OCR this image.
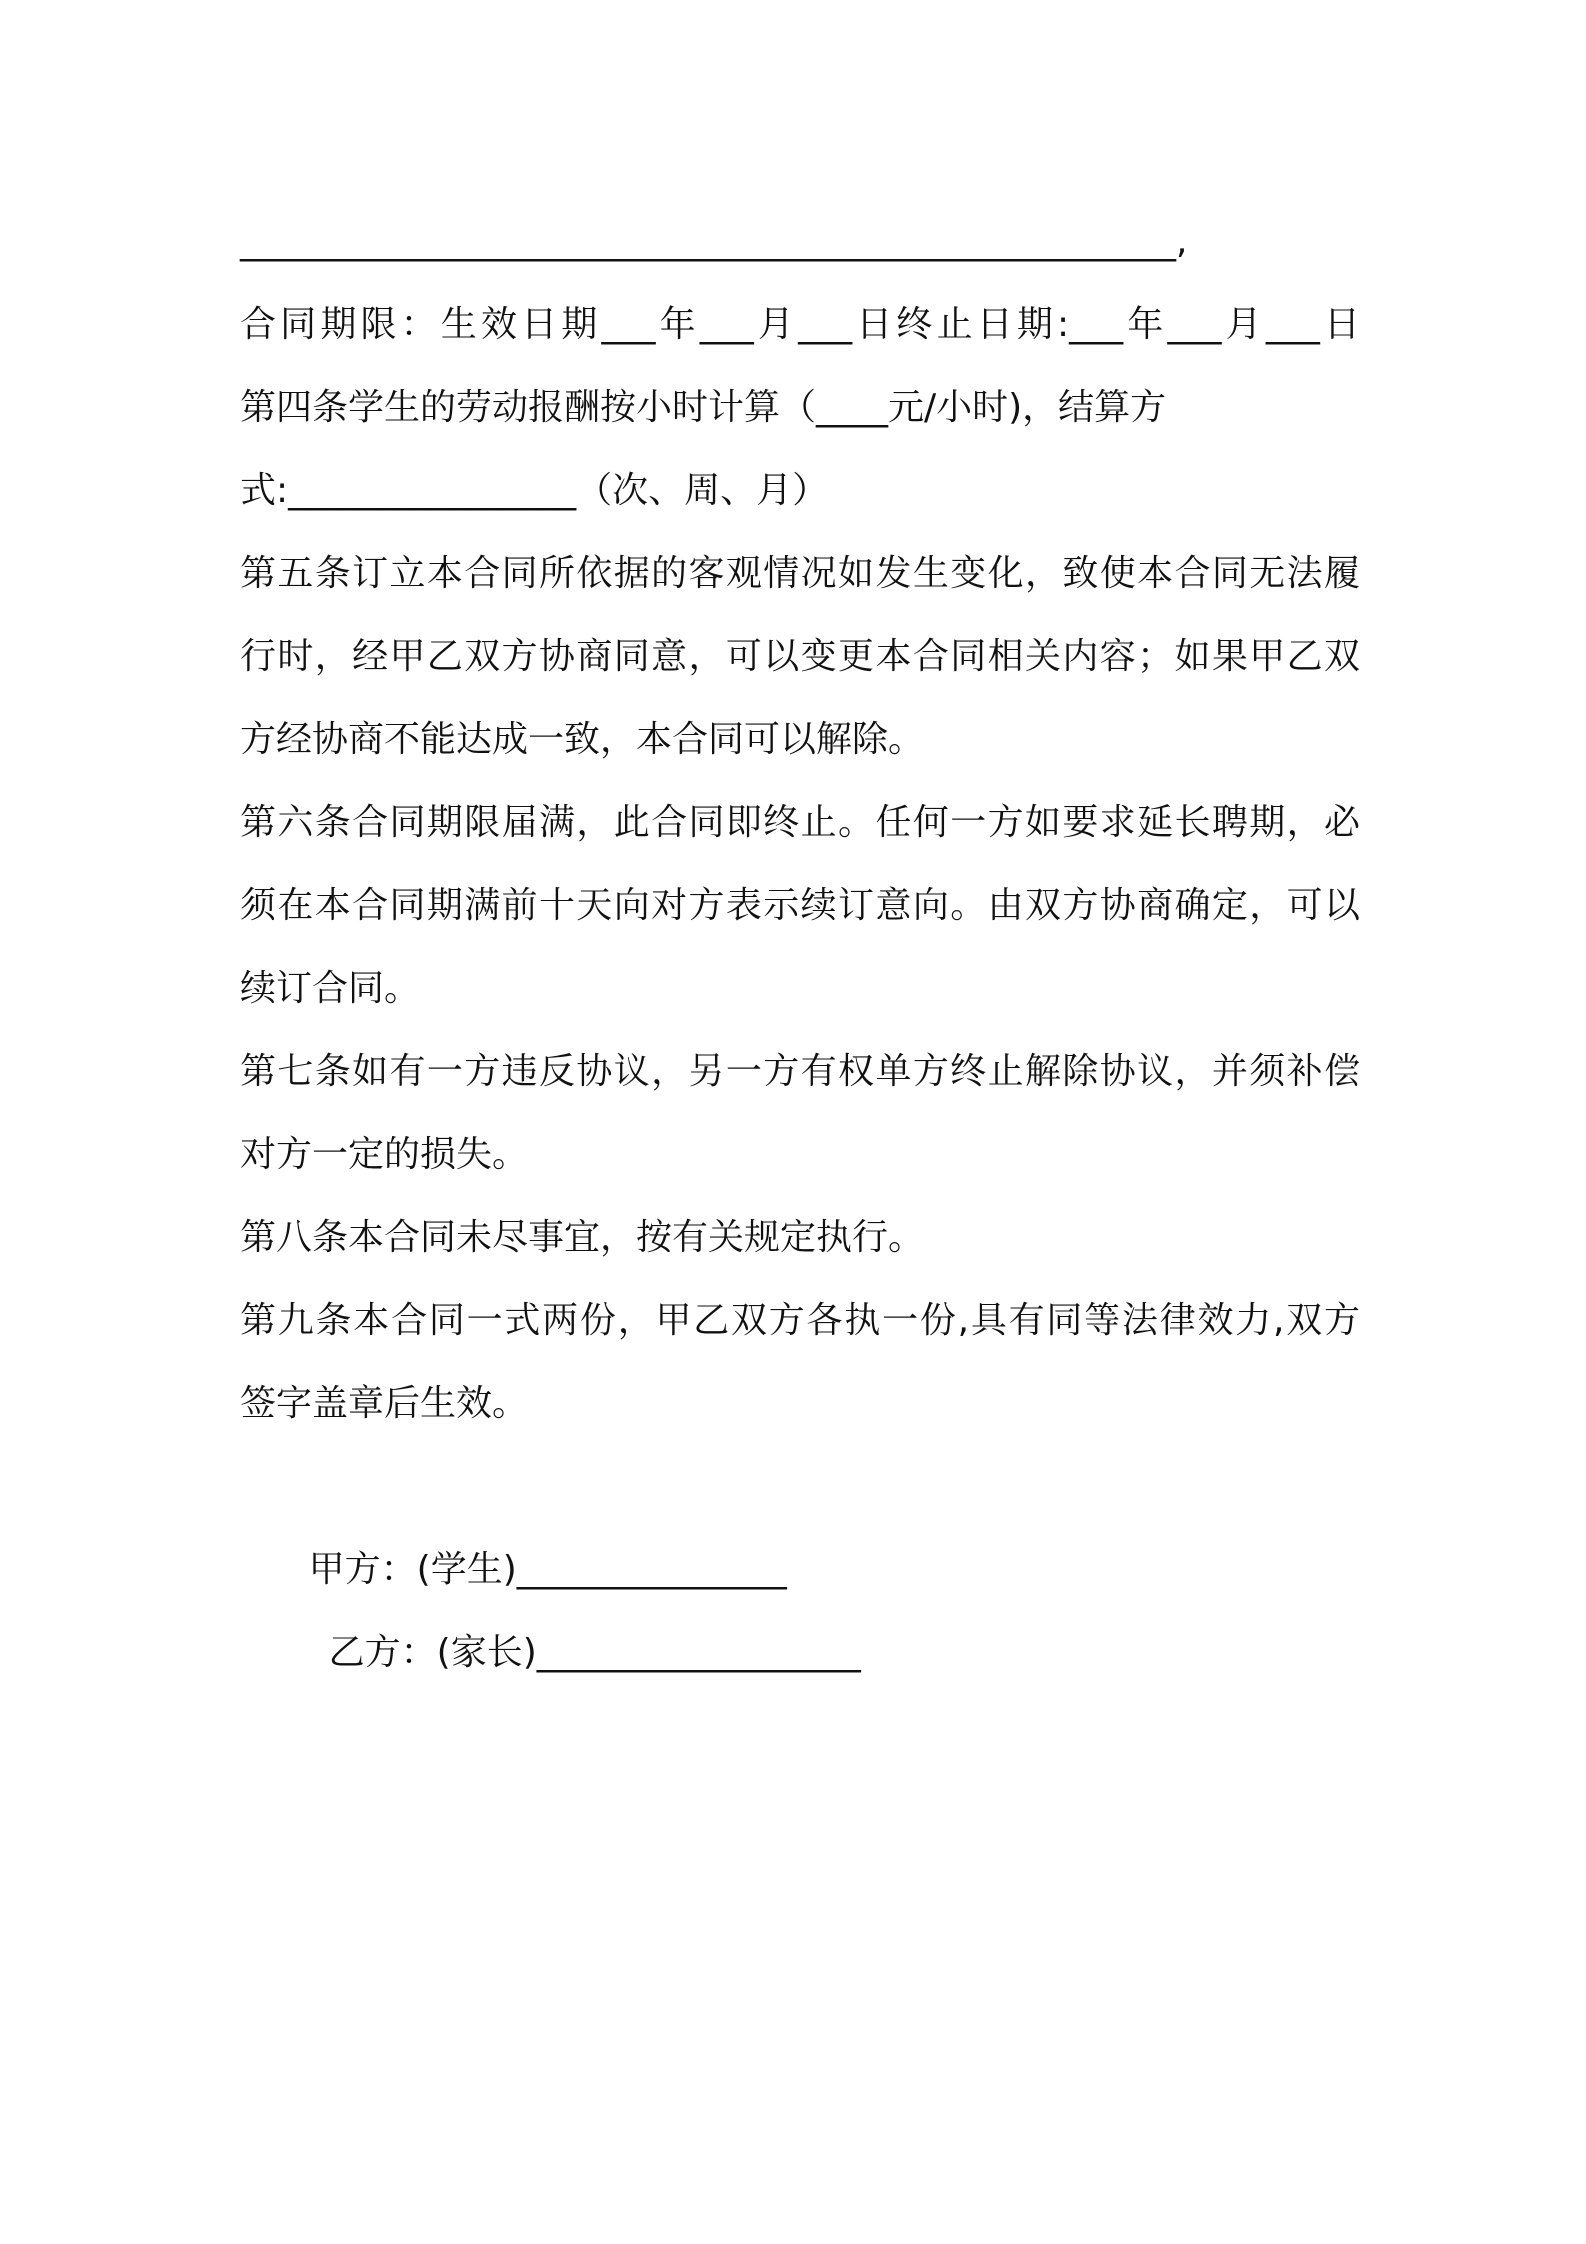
____________________________________________________,
合同期限：生效日期___年___月___日终止日期:___年___月___日
第四条学生的劳动报酬按小时计算（____元/小时)，结算方
式:________________（次、周、月）
第五条订立本合同所依据的客观情况如发生变化，致使本合同无法履
行时，经甲乙双方协商同意，可以变更本合同相关内容；如果甲乙双
方经协商不能达成一致，本合同可以解除。
第六条合同期限届满，此合同即终止。任何一方如要求延长聘期，必
须在本合同期满前十天向对方表示续订意向。由双方协商确定，可以
续订合同。
第七条如有一方违反协议，另一方有权单方终止解除协议，并须补偿
对方一定的损失。
第八条本合同未尽事宜，按有关规定执行。
第九条本合同一式两份，甲乙双方各执一份,具有同等法律效力,双方
签字盖章后生效。

甲方：(学生)_______________
乙方：(家长)__________________
